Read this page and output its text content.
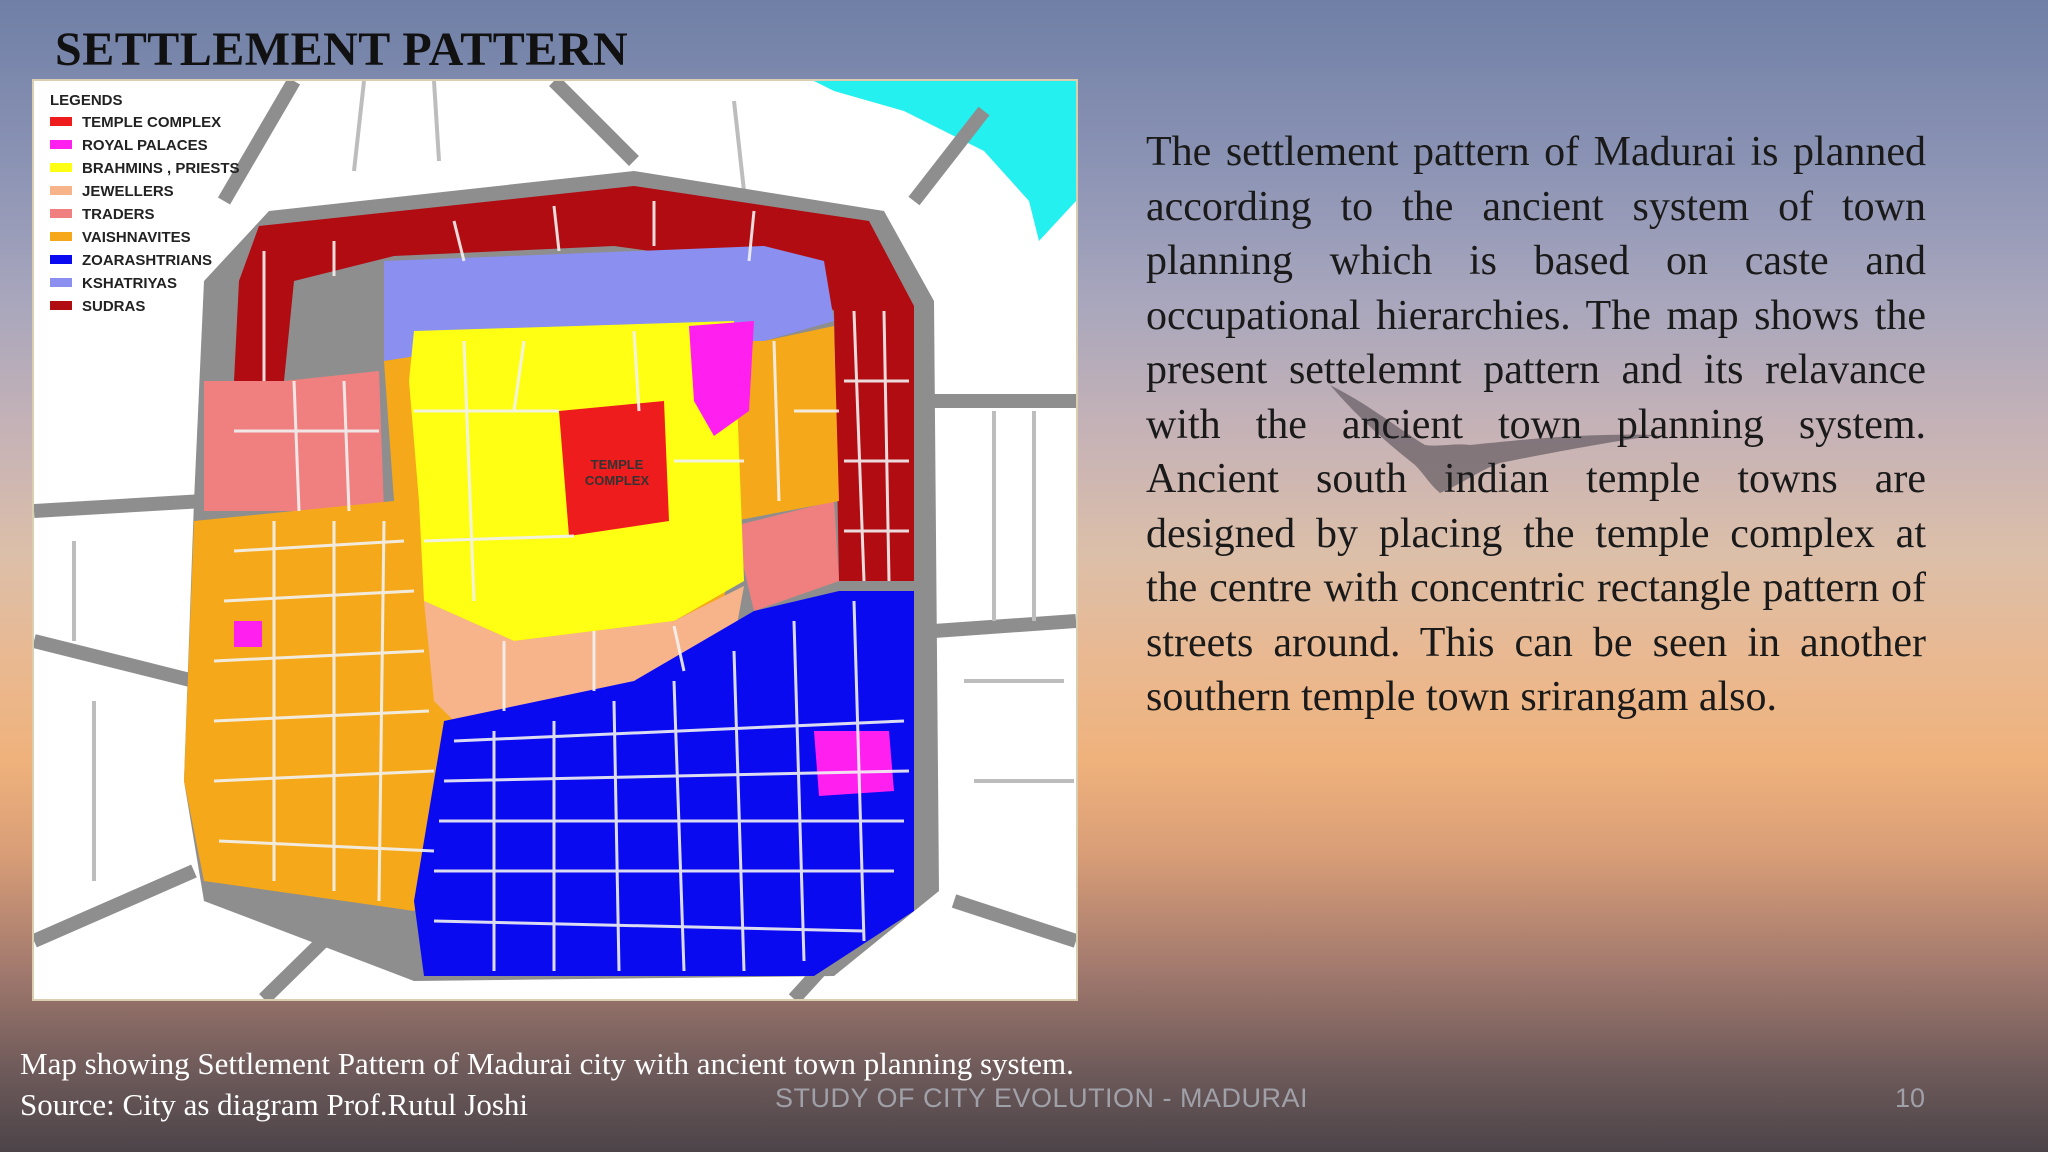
SETTLEMENT PATTERN
TEMPLE
COMPLEX
LEGENDS
TEMPLE COMPLEX
ROYAL PALACES
BRAHMINS , PRIESTS
JEWELLERS
TRADERS
VAISHNAVITES
ZOARASHTRIANS
KSHATRIYAS
SUDRAS
The settlement pattern of Madurai is planned according to the ancient system of town planning which is based on caste and occupational hierarchies. The map shows the present settelemnt pattern and its relavance with the ancient town planning system. Ancient south indian temple towns are designed by placing the temple complex at the centre with concentric rectangle pattern of streets around. This can be seen in another southern temple town srirangam also.
Map showing Settlement Pattern of Madurai city with ancient town planning system.
Source: City as diagram Prof.Rutul Joshi	STUDY OF CITY EVOLUTION - MADURAI	10
